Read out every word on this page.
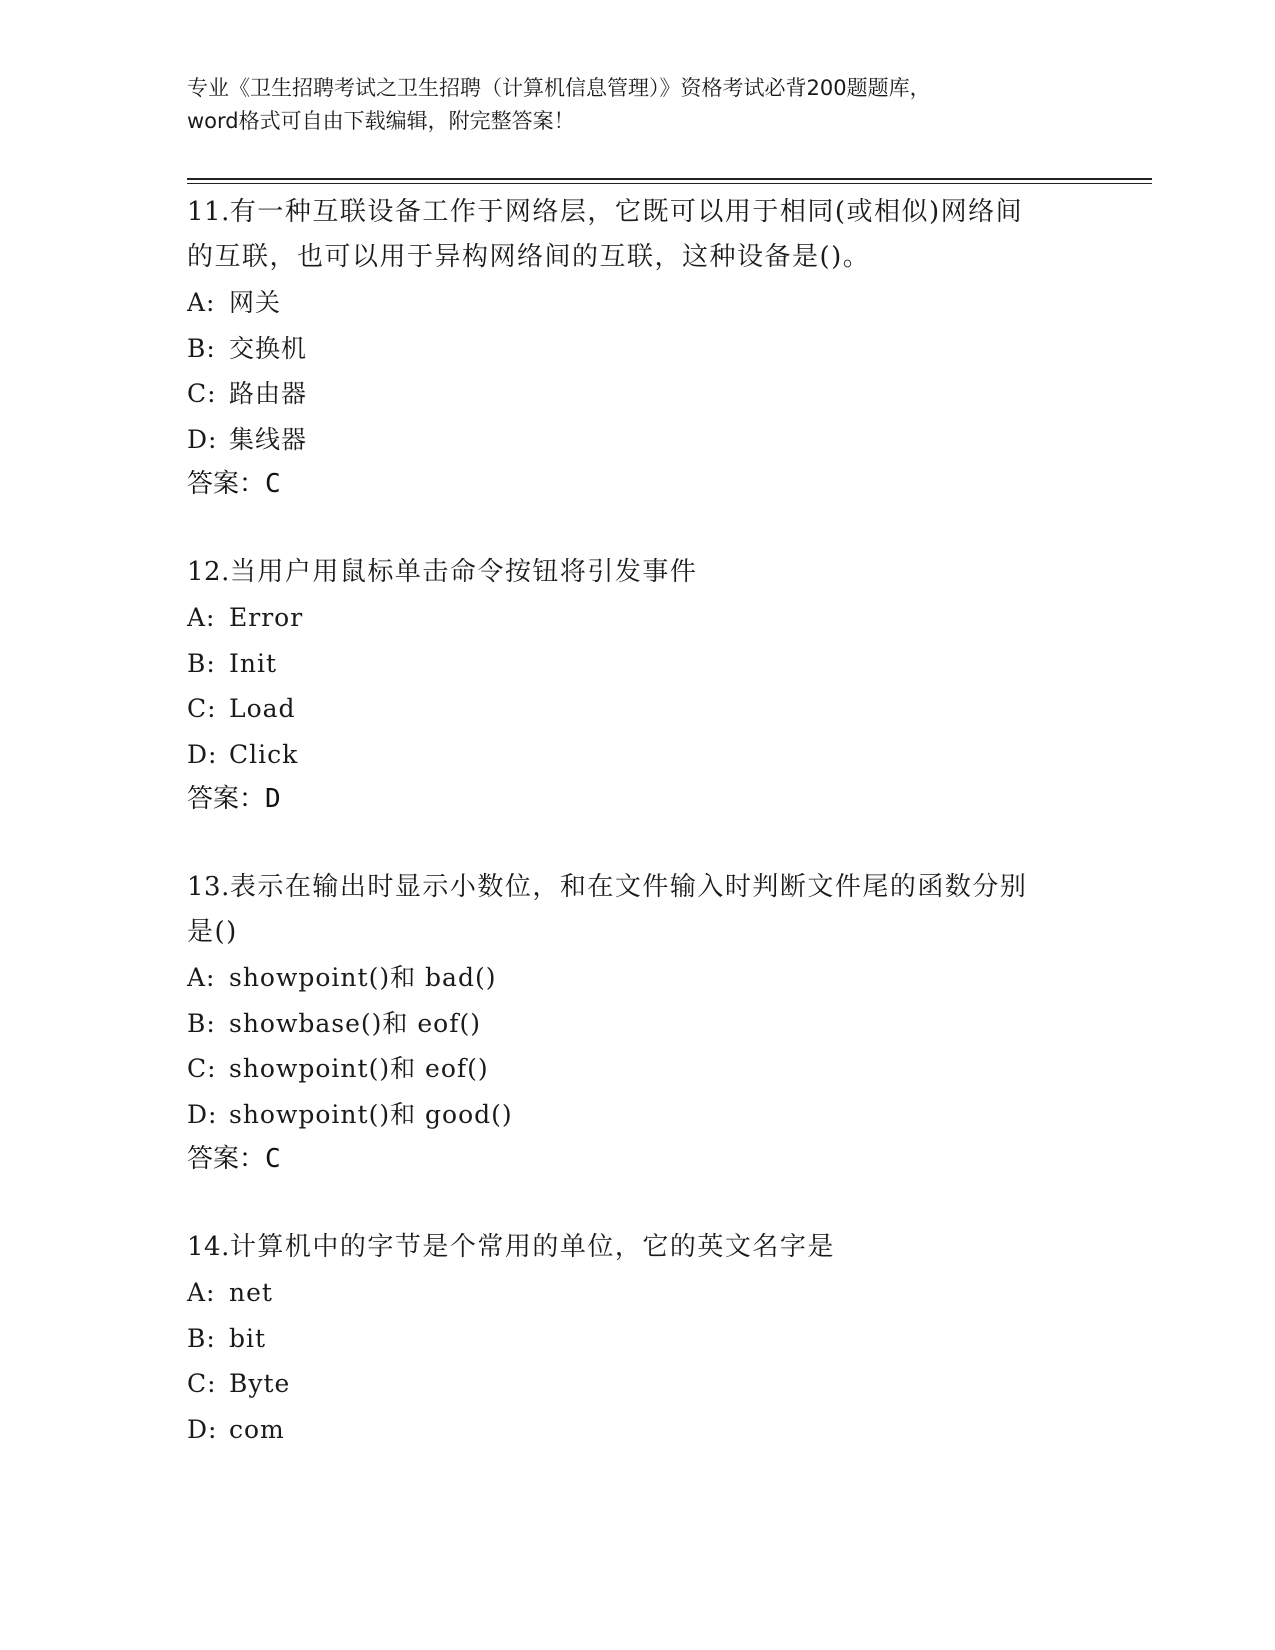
专业《卫生招聘考试之卫生招聘（计算机信息管理）》资格考试必背200题题库，
word格式可自由下载编辑，附完整答案！
11.有一种互联设备工作于网络层，它既可以用于相同(或相似)网络间
的互联，也可以用于异构网络间的互联，这种设备是()。
A: 网关
B: 交换机
C: 路由器
D: 集线器
答案：C
12.当用户用鼠标单击命令按钮将引发事件
A: Error
B: Init
C: Load
D: Click
答案：D
13.表示在输出时显示小数位，和在文件输入时判断文件尾的函数分别
是()
A: showpoint()和 bad()
B: showbase()和 eof()
C: showpoint()和 eof()
D: showpoint()和 good()
答案：C
14.计算机中的字节是个常用的单位，它的英文名字是
A: net
B: bit
C: Byte
D: com
